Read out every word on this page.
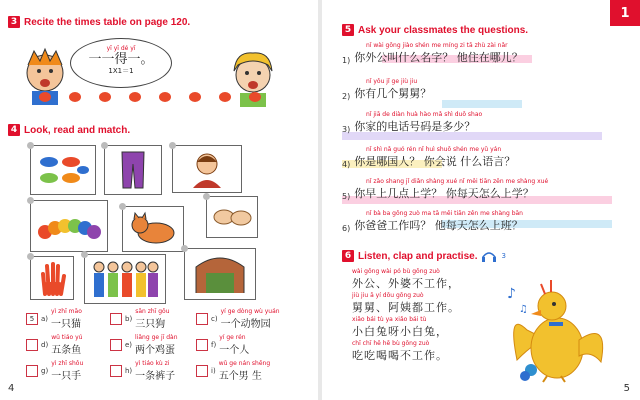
3 Recite the times table on page 120.
yī yī dé yī
一一得一。
1X1＝1
4 Look, read and match.
5 a)
yì zhī māo
一只猫	b)
sān zhī gǒu
三只狗	c)
yí ge dòng wù yuán
一个动物园
d)
wǔ tiáo yú
五条鱼	e)
liǎng ge jī dàn
两个鸡蛋	f)
yí ge rén
一个人
g)
yì zhī shǒu
一只手	h)
yì tiáo kù zi
一条裤子	i)
wǔ ge nán shēng
五个男 生
4
1
5 Ask your classmates the questions.
nǐ wài gōng jiào shén me míng zi tā zhù zài nǎr
1) 你外公叫什么名字？ 他住在哪儿？
nǐ yǒu jǐ ge jiù jiu
2) 你有几个舅舅？
nǐ jiā de diàn huà hào mǎ shì duō shao
3) 你家的电话号码是多少？
nǐ shì nǎ guó rén nǐ huì shuō shén me yǔ yán
4) 你是哪国人？ 你会说 什么语言？
nǐ zǎo shang jǐ diǎn shàng xué nǐ měi tiān zěn me shàng xué
5) 你早上几点上学？ 你每天怎么上学？
nǐ bà ba gōng zuò ma tā měi tiān zěn me shàng bān
6) 你爸爸工作吗？ 他每天怎么上班？
6 Listen, clap and practise.	3
wài gōng wài pó bù gōng zuò
外公、外婆不工作，
jiù jiu ā yí dōu gōng zuò
舅舅、阿姨都工作。
xiǎo bái tù ya xiǎo bái tù
小白兔呀小白兔，
chī chī hē hē bù gōng zuò
吃吃喝喝不工作。
♪
♫
5
